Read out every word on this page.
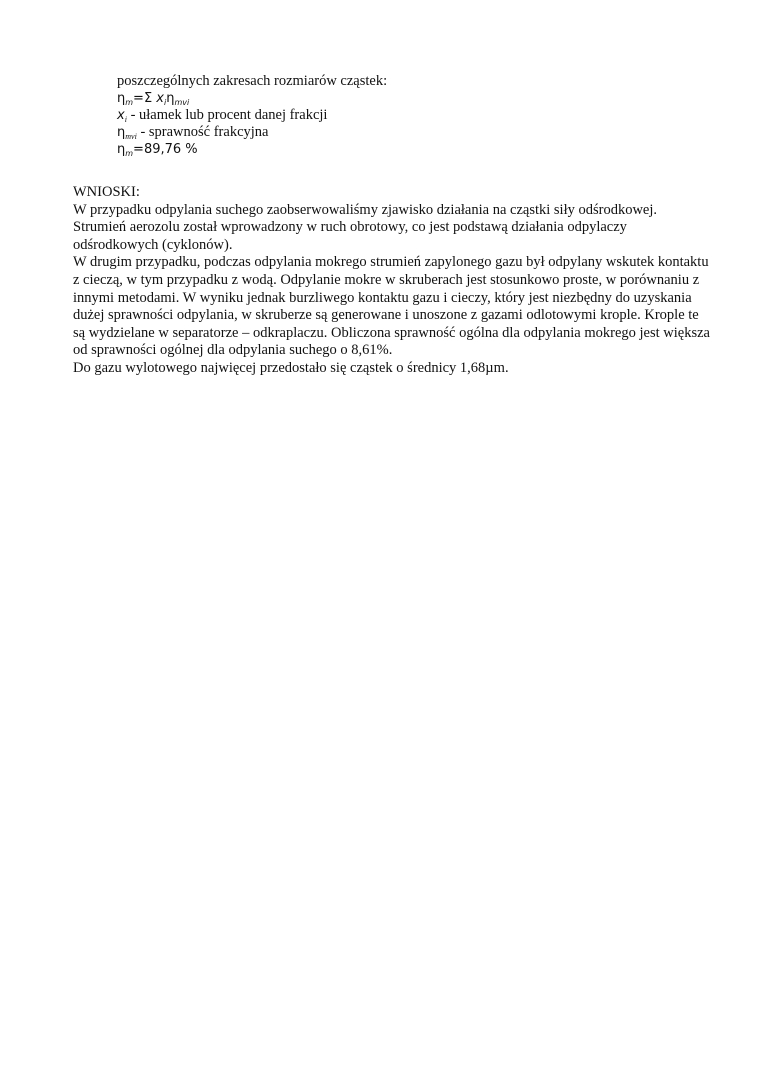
poszczególnych zakresach rozmiarów cząstek:
$\eta_m=\Sigma$ $x_i\eta_{mvi}$
$x_i$ - ułamek lub procent danej frakcji
$\eta_{mvi}$ - sprawność frakcyjna
$\eta_m=89,76$ %

WNIOSKI:

W przypadku odpylania suchego zaobserwowaliśmy zjawisko działania na cząstki siły odśrodkowej. Strumień aerozolu został wprowadzony w ruch obrotowy, co jest podstawą działania odpylaczy odśrodkowych (cyklonów).

W drugim przypadku, podczas odpylania mokrego strumień zapylonego gazu był odpylany wskutek kontaktu z cieczą, w tym przypadku z wodą. Odpylanie mokre w skruberach jest stosunkowo proste, w porównaniu z innymi metodami. W wyniku jednak burzliwego kontaktu gazu i cieczy, który jest niezbędny do uzyskania dużej sprawności odpylania, w skruberze są generowane i unoszone z gazami odlotowymi krople. Krople te są wydzielane w separatorze – odkraplaczu. Obliczona sprawność ogólna dla odpylania mokrego jest większa od sprawności ogólnej dla odpylania suchego o 8,61%.

Do gazu wylotowego najwięcej przedostało się cząstek o średnicy 1,68µm.
